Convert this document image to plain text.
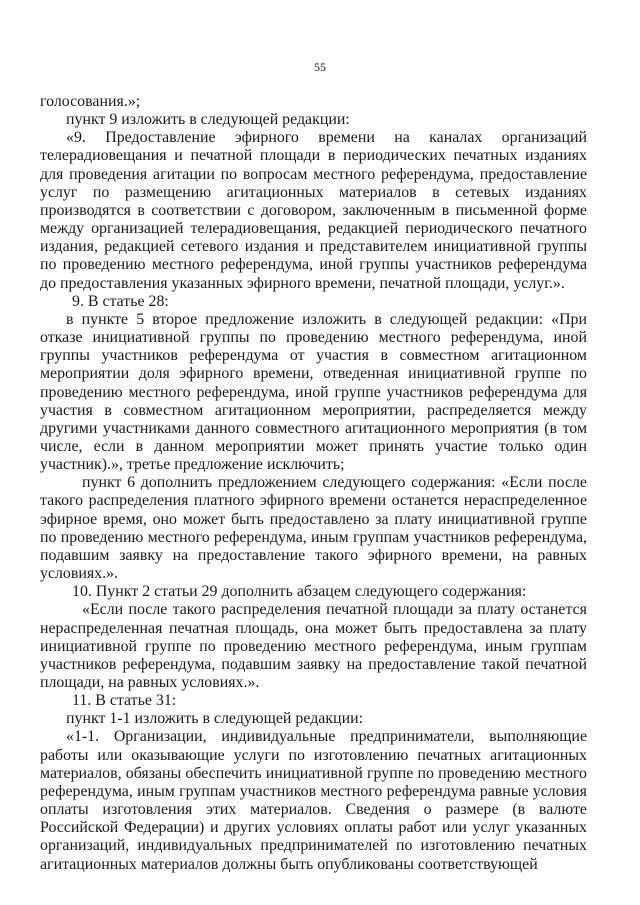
55

голосования.»;

пункт 9 изложить в следующей редакции:

«9. Предоставление эфирного времени на каналах организаций телерадиовещания и печатной площади в периодических печатных изданиях для проведения агитации по вопросам местного референдума, предоставление услуг по размещению агитационных материалов в сетевых изданиях производятся в соответствии с договором, заключенным в письменной форме между организацией телерадиовещания, редакцией периодического печатного издания, редакцией сетевого издания и представителем инициативной группы по проведению местного референдума, иной группы участников референдума до предоставления указанных эфирного времени, печатной площади, услуг.».

9. В статье 28:

в пункте 5 второе предложение изложить в следующей редакции: «При отказе инициативной группы по проведению местного референдума, иной группы участников референдума от участия в совместном агитационном мероприятии доля эфирного времени, отведенная инициативной группе по проведению местного референдума, иной группе участников референдума для участия в совместном агитационном мероприятии, распределяется между другими участниками данного совместного агитационного мероприятия (в том числе, если в данном мероприятии может принять участие только один участник).», третье предложение исключить;

пункт 6 дополнить предложением следующего содержания: «Если после такого распределения платного эфирного времени останется нераспределенное эфирное время, оно может быть предоставлено за плату инициативной группе по проведению местного референдума, иным группам участников референдума, подавшим заявку на предоставление такого эфирного времени, на равных условиях.».

10. Пункт 2 статьи 29 дополнить абзацем следующего содержания:

«Если после такого распределения печатной площади за плату останется нераспределенная печатная площадь, она может быть предоставлена за плату инициативной группе по проведению местного референдума, иным группам участников референдума, подавшим заявку на предоставление такой печатной площади, на равных условиях.».

11. В статье 31:

пункт 1-1 изложить в следующей редакции:

«1-1. Организации, индивидуальные предприниматели, выполняющие работы или оказывающие услуги по изготовлению печатных агитационных материалов, обязаны обеспечить инициативной группе по проведению местного референдума, иным группам участников местного референдума равные условия оплаты изготовления этих материалов. Сведения о размере (в валюте Российской Федерации) и других условиях оплаты работ или услуг указанных организаций, индивидуальных предпринимателей по изготовлению печатных агитационных материалов должны быть опубликованы соответствующей
